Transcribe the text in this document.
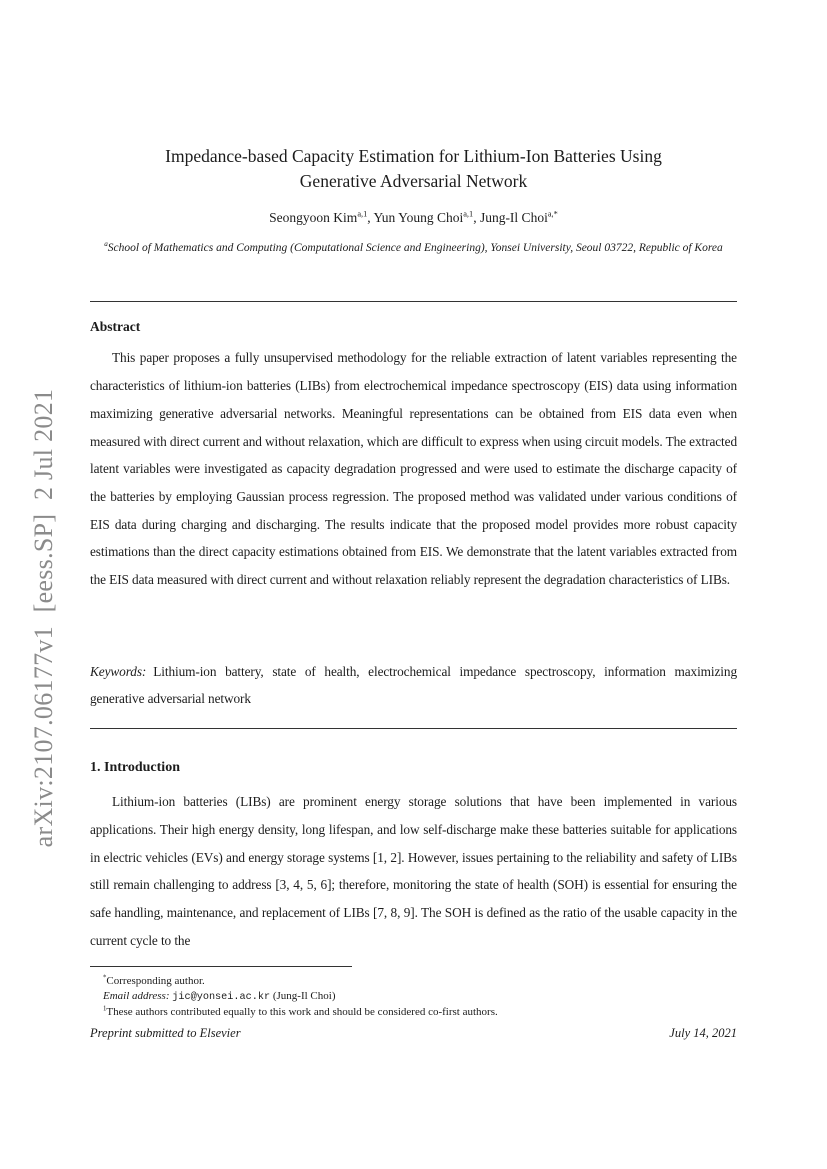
arXiv:2107.06177v1  [eess.SP]  2 Jul 2021
Impedance-based Capacity Estimation for Lithium-Ion Batteries Using
Generative Adversarial Network
Seongyoon Kim$^{a,1}$, Yun Young Choi$^{a,1}$, Jung-Il Choi$^{a,*}$
$^a$School of Mathematics and Computing (Computational Science and Engineering), Yonsei University, Seoul 03722, Republic of Korea
Abstract

This paper proposes a fully unsupervised methodology for the reliable extraction of latent variables representing the characteristics of lithium-ion batteries (LIBs) from electrochemical impedance spectroscopy (EIS) data using information maximizing generative adversarial networks. Meaningful representations can be obtained from EIS data even when measured with direct current and without relaxation, which are difficult to express when using circuit models. The extracted latent variables were investigated as capacity degradation progressed and were used to estimate the discharge capacity of the batteries by employing Gaussian process regression. The proposed method was validated under various conditions of EIS data during charging and discharging. The results indicate that the proposed model provides more robust capacity estimations than the direct capacity estimations obtained from EIS. We demonstrate that the latent variables extracted from the EIS data measured with direct current and without relaxation reliably represent the degradation characteristics of LIBs.

Keywords: Lithium-ion battery, state of health, electrochemical impedance spectroscopy, information maximizing generative adversarial network

1. Introduction

Lithium-ion batteries (LIBs) are prominent energy storage solutions that have been implemented in various applications. Their high energy density, long lifespan, and low self-discharge make these batteries suitable for applications in electric vehicles (EVs) and energy storage systems [1, 2]. However, issues pertaining to the reliability and safety of LIBs still remain challenging to address [3, 4, 5, 6]; therefore, monitoring the state of health (SOH) is essential for ensuring the safe handling, maintenance, and replacement of LIBs [7, 8, 9]. The SOH is defined as the ratio of the usable capacity in the current cycle to the

*Corresponding author.
Email address: jic@yonsei.ac.kr (Jung-Il Choi)
$^1$These authors contributed equally to this work and should be considered co-first authors.
Preprint submitted to Elsevier	July 14, 2021
